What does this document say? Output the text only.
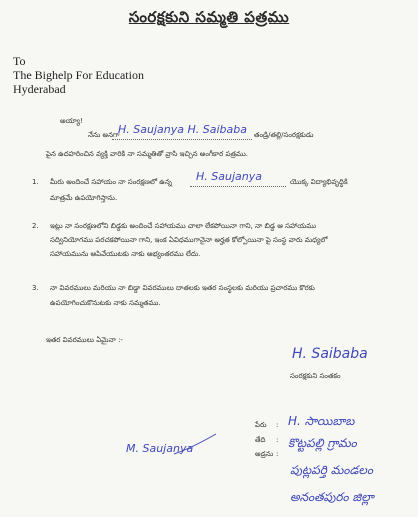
సంరక్షకుని సమ్మతి పత్రము
To
The Bighelp For Education
Hyderabad
అయ్యా!
నేను అనగా
H. Saujanya H. Saibaba తండ్రి/తల్లి/సంరక్షకుడు
పైన ఉదహరించిన వ్యక్తి వారికి నా సమ్మతితో వ్రాసి ఇచ్చిన అంగీకార పత్రము.
1. మీరు అందించే సహాయం నా సంరక్షణలో ఉన్న H. Saujanya	యొక్క విద్యాభివృద్ధికి
మాత్రమే ఉపయోగిస్తాను.
2. ఇట్లు నా సంరక్షణలోని బిడ్డకు అందించే సహాయము చాలా లేకపోయినా గాని, నా బిడ్డ ఆ సహాయము
సద్వినియోగము పరచకపోయినా గాని, ఇంక ఏవిధముగానైనా అర్హత కోల్పోయినా పై సంస్థ వారు మధ్యలో
సహాయమును ఆపివేయుటకు నాకు అభ్యంతరము లేదు.
3. నా వివరములు మరియు నా బిడ్డా వివరములు దాతలకు ఇతర సంస్థలకు మరియు ప్రచారము కొరకు
ఉపయోగించుకొనుటకు నాకు సమ్మతము.
ఇతర వివరములు ఏమైనా :-
H. Saibaba
సంరక్షకుని సంతకం
పేరు : H. సాయిబాబ
తేది :
అడ్రను :
కొట్టపల్లి గ్రామం
పుట్లపర్తి మండలం
అనంతపురం జిల్లా
M. Saujanya
